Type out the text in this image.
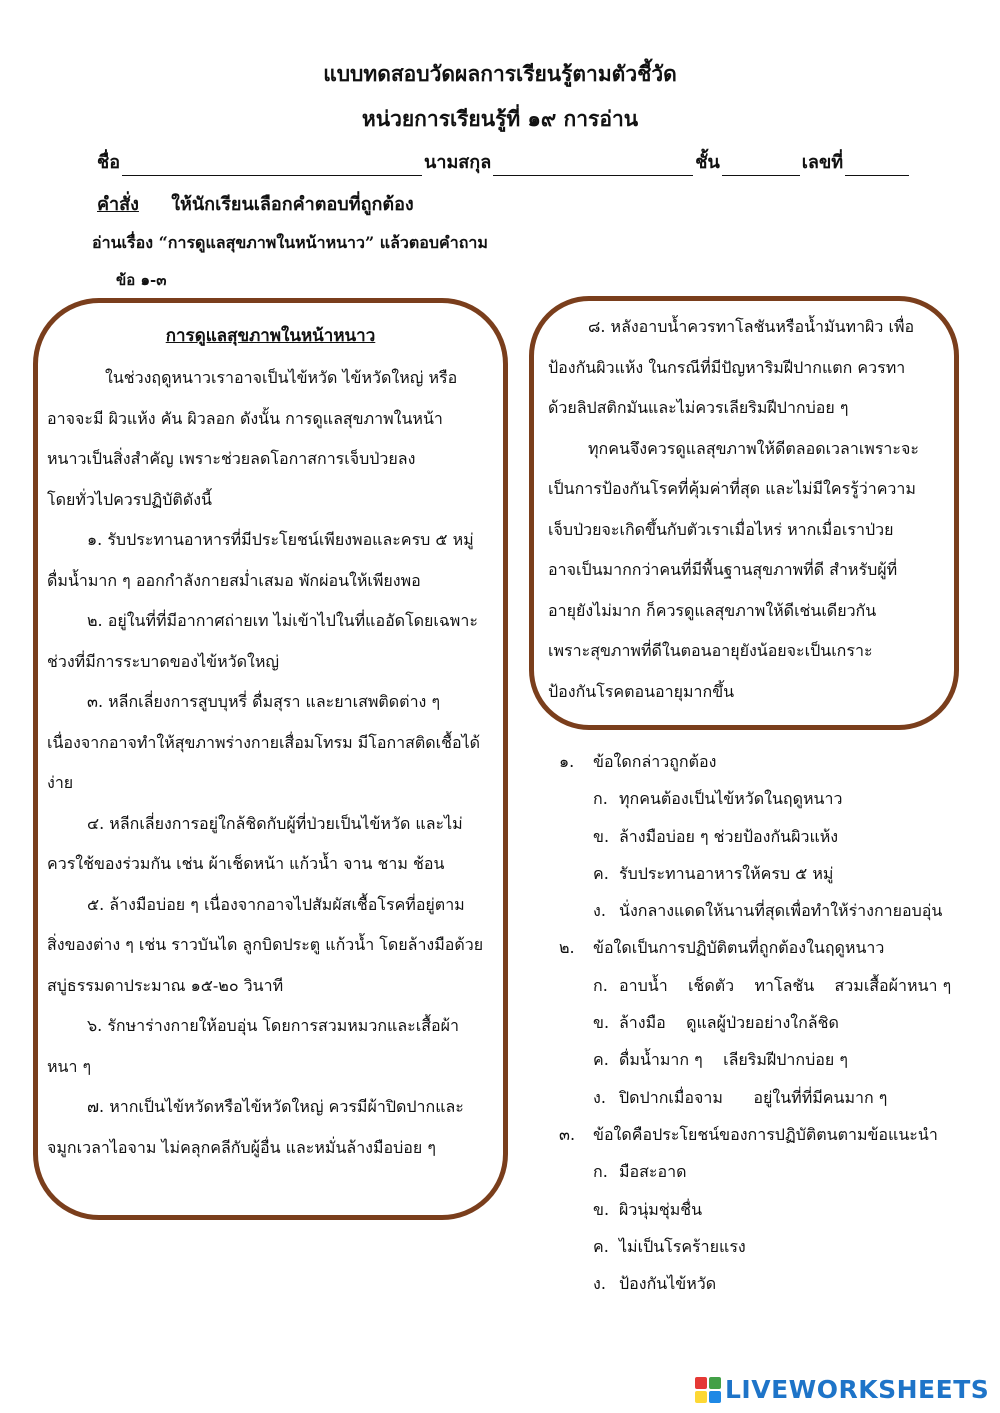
แบบทดสอบวัดผลการเรียนรู้ตามตัวชี้วัด
หน่วยการเรียนรู้ที่ ๑๙ การอ่าน
ชื่อ	นามสกุล	ชั้น	เลขที่
คำสั่ง ให้นักเรียนเลือกคำตอบที่ถูกต้อง
อ่านเรื่อง “การดูแลสุขภาพในหน้าหนาว” แล้วตอบคำถาม
ข้อ ๑-๓
การดูแลสุขภาพในหน้าหนาว
ในช่วงฤดูหนาวเราอาจเป็นไข้หวัด ไข้หวัดใหญ่ หรือ
อาจจะมี ผิวแห้ง คัน ผิวลอก ดังนั้น การดูแลสุขภาพในหน้า
หนาวเป็นสิ่งสำคัญ เพราะช่วยลดโอกาสการเจ็บป่วยลง
โดยทั่วไปควรปฏิบัติดังนี้
๑. รับประทานอาหารที่มีประโยชน์เพียงพอและครบ ๕ หมู่
ดื่มน้ำมาก ๆ ออกกำลังกายสม่ำเสมอ พักผ่อนให้เพียงพอ
๒. อยู่ในที่ที่มีอากาศถ่ายเท ไม่เข้าไปในที่แออัดโดยเฉพาะ
ช่วงที่มีการระบาดของไข้หวัดใหญ่
๓. หลีกเลี่ยงการสูบบุหรี่ ดื่มสุรา และยาเสพติดต่าง ๆ
เนื่องจากอาจทำให้สุขภาพร่างกายเสื่อมโทรม มีโอกาสติดเชื้อได้
ง่าย
๔. หลีกเลี่ยงการอยู่ใกล้ชิดกับผู้ที่ป่วยเป็นไข้หวัด และไม่
ควรใช้ของร่วมกัน เช่น ผ้าเช็ดหน้า แก้วน้ำ จาน ชาม ช้อน
๕. ล้างมือบ่อย ๆ เนื่องจากอาจไปสัมผัสเชื้อโรคที่อยู่ตาม
สิ่งของต่าง ๆ เช่น ราวบันได ลูกบิดประตู แก้วน้ำ โดยล้างมือด้วย
สบู่ธรรมดาประมาณ ๑๕-๒๐ วินาที
๖. รักษาร่างกายให้อบอุ่น โดยการสวมหมวกและเสื้อผ้า
หนา ๆ
๗. หากเป็นไข้หวัดหรือไข้หวัดใหญ่ ควรมีผ้าปิดปากและ
จมูกเวลาไอจาม ไม่คลุกคลีกับผู้อื่น และหมั่นล้างมือบ่อย ๆ
๘. หลังอาบน้ำควรทาโลชันหรือน้ำมันทาผิว เพื่อ
ป้องกันผิวแห้ง ในกรณีที่มีปัญหาริมฝีปากแตก ควรทา
ด้วยลิปสติกมันและไม่ควรเลียริมฝีปากบ่อย ๆ
ทุกคนจึงควรดูแลสุขภาพให้ดีตลอดเวลาเพราะจะ
เป็นการป้องกันโรคที่คุ้มค่าที่สุด และไม่มีใครรู้ว่าความ
เจ็บป่วยจะเกิดขึ้นกับตัวเราเมื่อไหร่ หากเมื่อเราป่วย
อาจเป็นมากกว่าคนที่มีพื้นฐานสุขภาพที่ดี สำหรับผู้ที่
อายุยังไม่มาก ก็ควรดูแลสุขภาพให้ดีเช่นเดียวกัน
เพราะสุขภาพที่ดีในตอนอายุยังน้อยจะเป็นเกราะ
ป้องกันโรคตอนอายุมากขึ้น
๑.	ข้อใดกล่าวถูกต้อง
ก. ทุกคนต้องเป็นไข้หวัดในฤดูหนาว
ข. ล้างมือบ่อย ๆ ช่วยป้องกันผิวแห้ง
ค. รับประทานอาหารให้ครบ ๕ หมู่
ง. นั่งกลางแดดให้นานที่สุดเพื่อทำให้ร่างกายอบอุ่น
๒.	ข้อใดเป็นการปฏิบัติตนที่ถูกต้องในฤดูหนาว
ก. อาบน้ำ    เช็ดตัว    ทาโลชัน    สวมเสื้อผ้าหนา ๆ
ข. ล้างมือ    ดูแลผู้ป่วยอย่างใกล้ชิด
ค. ดื่มน้ำมาก ๆ    เลียริมฝีปากบ่อย ๆ
ง. ปิดปากเมื่อจาม      อยู่ในที่ที่มีคนมาก ๆ
๓.	ข้อใดคือประโยชน์ของการปฏิบัติตนตามข้อแนะนำ
ก. มือสะอาด
ข. ผิวนุ่มชุ่มชื่น
ค. ไม่เป็นโรคร้ายแรง
ง. ป้องกันไข้หวัด
LIVEWORKSHEETS
